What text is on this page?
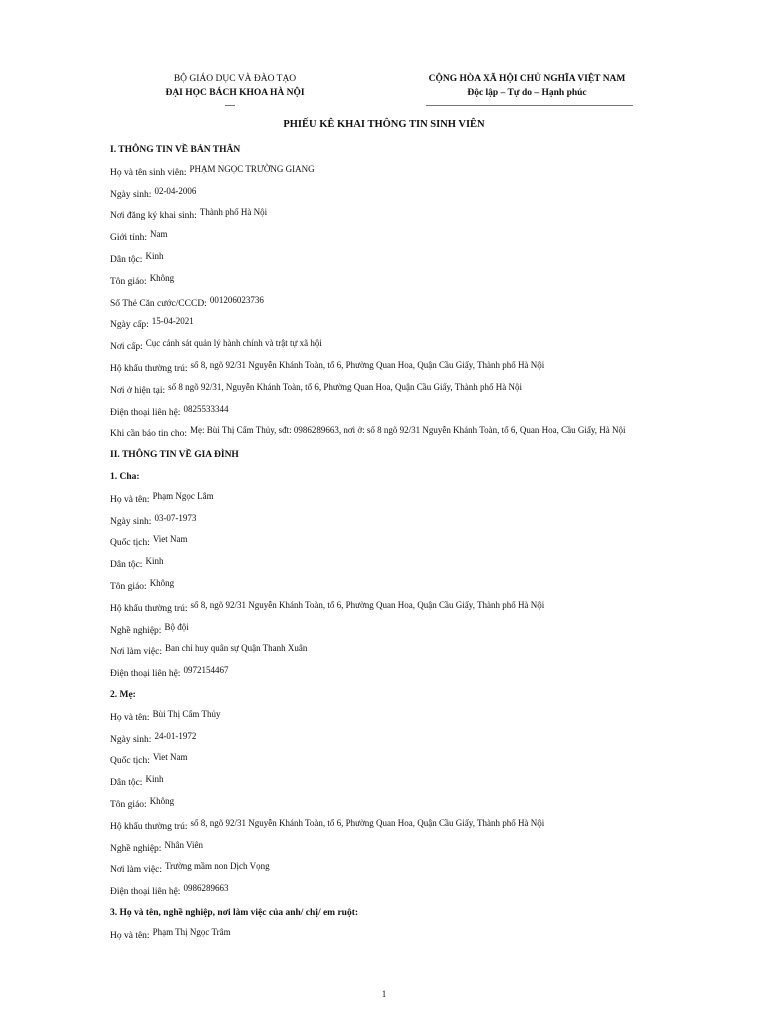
BỘ GIÁO DỤC VÀ ĐÀO TẠO
ĐẠI HỌC BÁCH KHOA HÀ NỘI
CỘNG HÒA XÃ HỘI CHỦ NGHĨA VIỆT NAM
Độc lập – Tự do – Hạnh phúc
PHIẾU KÊ KHAI THÔNG TIN SINH VIÊN
I. THÔNG TIN VỀ BẢN THÂN
Họ và tên sinh viên: PHẠM NGỌC TRƯỜNG GIANG
Ngày sinh: 02-04-2006
Nơi đăng ký khai sinh: Thành phố Hà Nội
Giới tính: Nam
Dân tộc: Kinh
Tôn giáo: Không
Số Thẻ Căn cước/CCCD: 001206023736
Ngày cấp: 15-04-2021
Nơi cấp: Cục cảnh sát quản lý hành chính và trật tự xã hội
Hộ khẩu thường trú: số 8, ngõ 92/31 Nguyễn Khánh Toàn, tổ 6, Phường Quan Hoa, Quận Cầu Giấy, Thành phố Hà Nội
Nơi ở hiện tại: số 8 ngõ 92/31, Nguyễn Khánh Toàn, tổ 6, Phường Quan Hoa, Quận Cầu Giấy, Thành phố Hà Nội
Điện thoại liên hệ: 0825533344
Khi cần báo tin cho: Mẹ: Bùi Thị Cẩm Thủy, sđt: 0986289663, nơi ở: số 8 ngõ 92/31 Nguyễn Khánh Toàn, tổ 6, Quan Hoa, Cầu Giấy, Hà Nội
II. THÔNG TIN VỀ GIA ĐÌNH
1. Cha:
Họ và tên: Phạm Ngọc Lâm
Ngày sinh: 03-07-1973
Quốc tịch: Viet Nam
Dân tộc: Kinh
Tôn giáo: Không
Hộ khẩu thường trú: số 8, ngõ 92/31 Nguyễn Khánh Toàn, tổ 6, Phường Quan Hoa, Quận Cầu Giấy, Thành phố Hà Nội
Nghề nghiệp: Bộ đội
Nơi làm việc: Ban chỉ huy quân sự Quận Thanh Xuân
Điện thoại liên hệ: 0972154467
2. Mẹ:
Họ và tên: Bùi Thị Cẩm Thủy
Ngày sinh: 24-01-1972
Quốc tịch: Viet Nam
Dân tộc: Kinh
Tôn giáo: Không
Hộ khẩu thường trú: số 8, ngõ 92/31 Nguyễn Khánh Toàn, tổ 6, Phường Quan Hoa, Quận Cầu Giấy, Thành phố Hà Nội
Nghề nghiệp: Nhân Viên
Nơi làm việc: Trường mầm non Dịch Vọng
Điện thoại liên hệ: 0986289663
3. Họ và tên, nghề nghiệp, nơi làm việc của anh/ chị/ em ruột:
Họ và tên: Phạm Thị Ngọc Trâm
1
